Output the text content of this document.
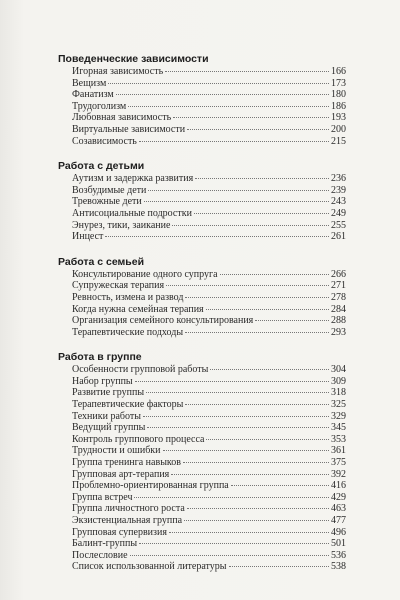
Поведенческие зависимости
Игорная зависимость	166
Вещизм	173
Фанатизм	180
Трудоголизм	186
Любовная зависимость	193
Виртуальные зависимости	200
Созависимость	215
Работа с детьми
Аутизм и задержка развития	236
Возбудимые дети	239
Тревожные дети	243
Антисоциальные подростки	249
Энурез, тики, заикание	255
Инцест	261
Работа с семьей
Консультирование одного супруга	266
Супружеская терапия	271
Ревность, измена и развод	278
Когда нужна семейная терапия	284
Организация семейного консультирования	288
Терапевтические подходы	293
Работа в группе
Особенности групповой работы	304
Набор группы	309
Развитие группы	318
Терапевтические факторы	325
Техники работы	329
Ведущий группы	345
Контроль группового процесса	353
Трудности и ошибки	361
Группа тренинга навыков	375
Групповая арт-терапия	392
Проблемно-ориентированная группа	416
Группа встреч	429
Группа личностного роста	463
Экзистенциальная группа	477
Групповая супервизия	496
Балинт-группы	501
Послесловие	536
Список использованной литературы	538
